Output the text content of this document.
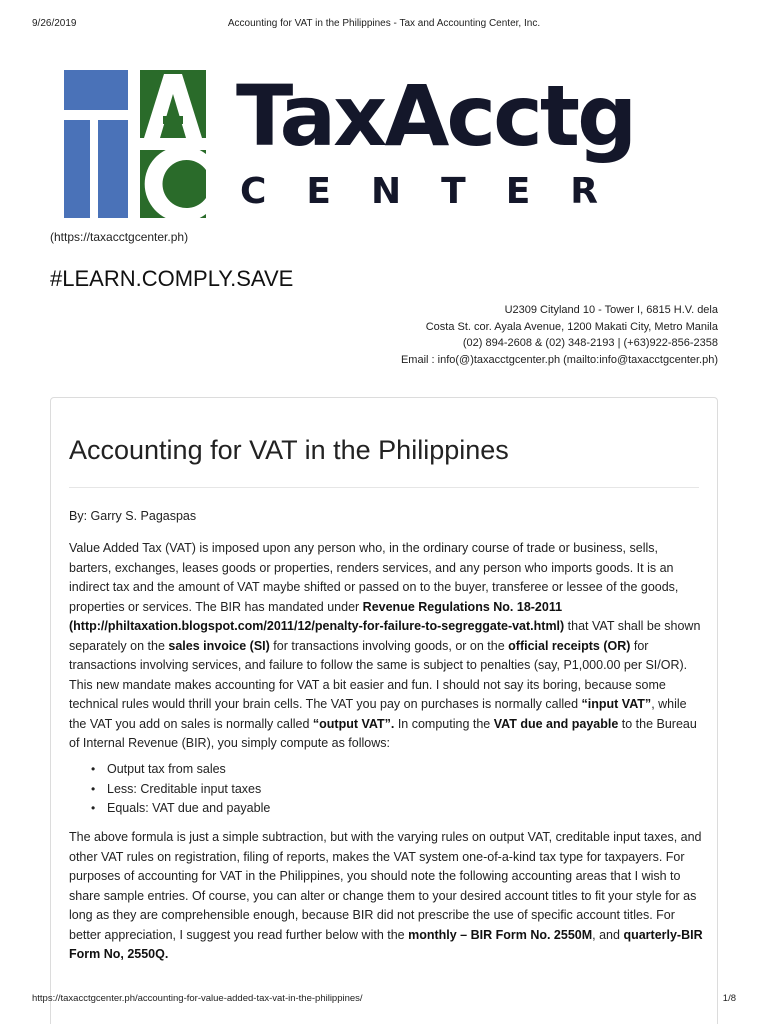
9/26/2019	Accounting for VAT in the Philippines - Tax and Accounting Center, Inc.
TaxAcctg
CENTER
(https://taxacctgcenter.ph)
#LEARN.COMPLY.SAVE
U2309 Cityland 10 - Tower I, 6815 H.V. dela
Costa St. cor. Ayala Avenue, 1200 Makati City, Metro Manila
(02) 894-2608 & (02) 348-2193 | (+63)922-856-2358
Email : info(@)taxacctgcenter.ph (mailto:info@taxacctgcenter.ph)
Accounting for VAT in the Philippines
By: Garry S. Pagaspas

Value Added Tax (VAT) is imposed upon any person who, in the ordinary course of trade or business, sells, barters, exchanges, leases goods or properties, renders services, and any person who imports goods. It is an indirect tax and the amount of VAT maybe shifted or passed on to the buyer, transferee or lessee of the goods, properties or services. The BIR has mandated under Revenue Regulations No. 18-2011 (http://philtaxation.blogspot.com/2011/12/penalty-for-failure-to-segreggate-vat.html) that VAT shall be shown separately on the sales invoice (SI) for transactions involving goods, or on the official receipts (OR) for transactions involving services, and failure to follow the same is subject to penalties (say, P1,000.00 per SI/OR). This new mandate makes accounting for VAT a bit easier and fun. I should not say its boring, because some technical rules would thrill your brain cells. The VAT you pay on purchases is normally called “input VAT”, while the VAT you add on sales is normally called “output VAT”. In computing the VAT due and payable to the Bureau of Internal Revenue (BIR), you simply compute as follows:

• Output tax from sales
• Less: Creditable input taxes
• Equals: VAT due and payable

The above formula is just a simple subtraction, but with the varying rules on output VAT, creditable input taxes, and other VAT rules on registration, filing of reports, makes the VAT system one-of-a-kind tax type for taxpayers. For purposes of accounting for VAT in the Philippines, you should note the following accounting areas that I wish to share sample entries. Of course, you can alter or change them to your desired account titles to fit your style for as long as they are comprehensible enough, because BIR did not prescribe the use of specific account titles. For better appreciation, I suggest you read further below with the monthly – BIR Form No. 2550M, and quarterly-BIR Form No, 2550Q.

https://taxacctgcenter.ph/accounting-for-value-added-tax-vat-in-the-philippines/	1/8
